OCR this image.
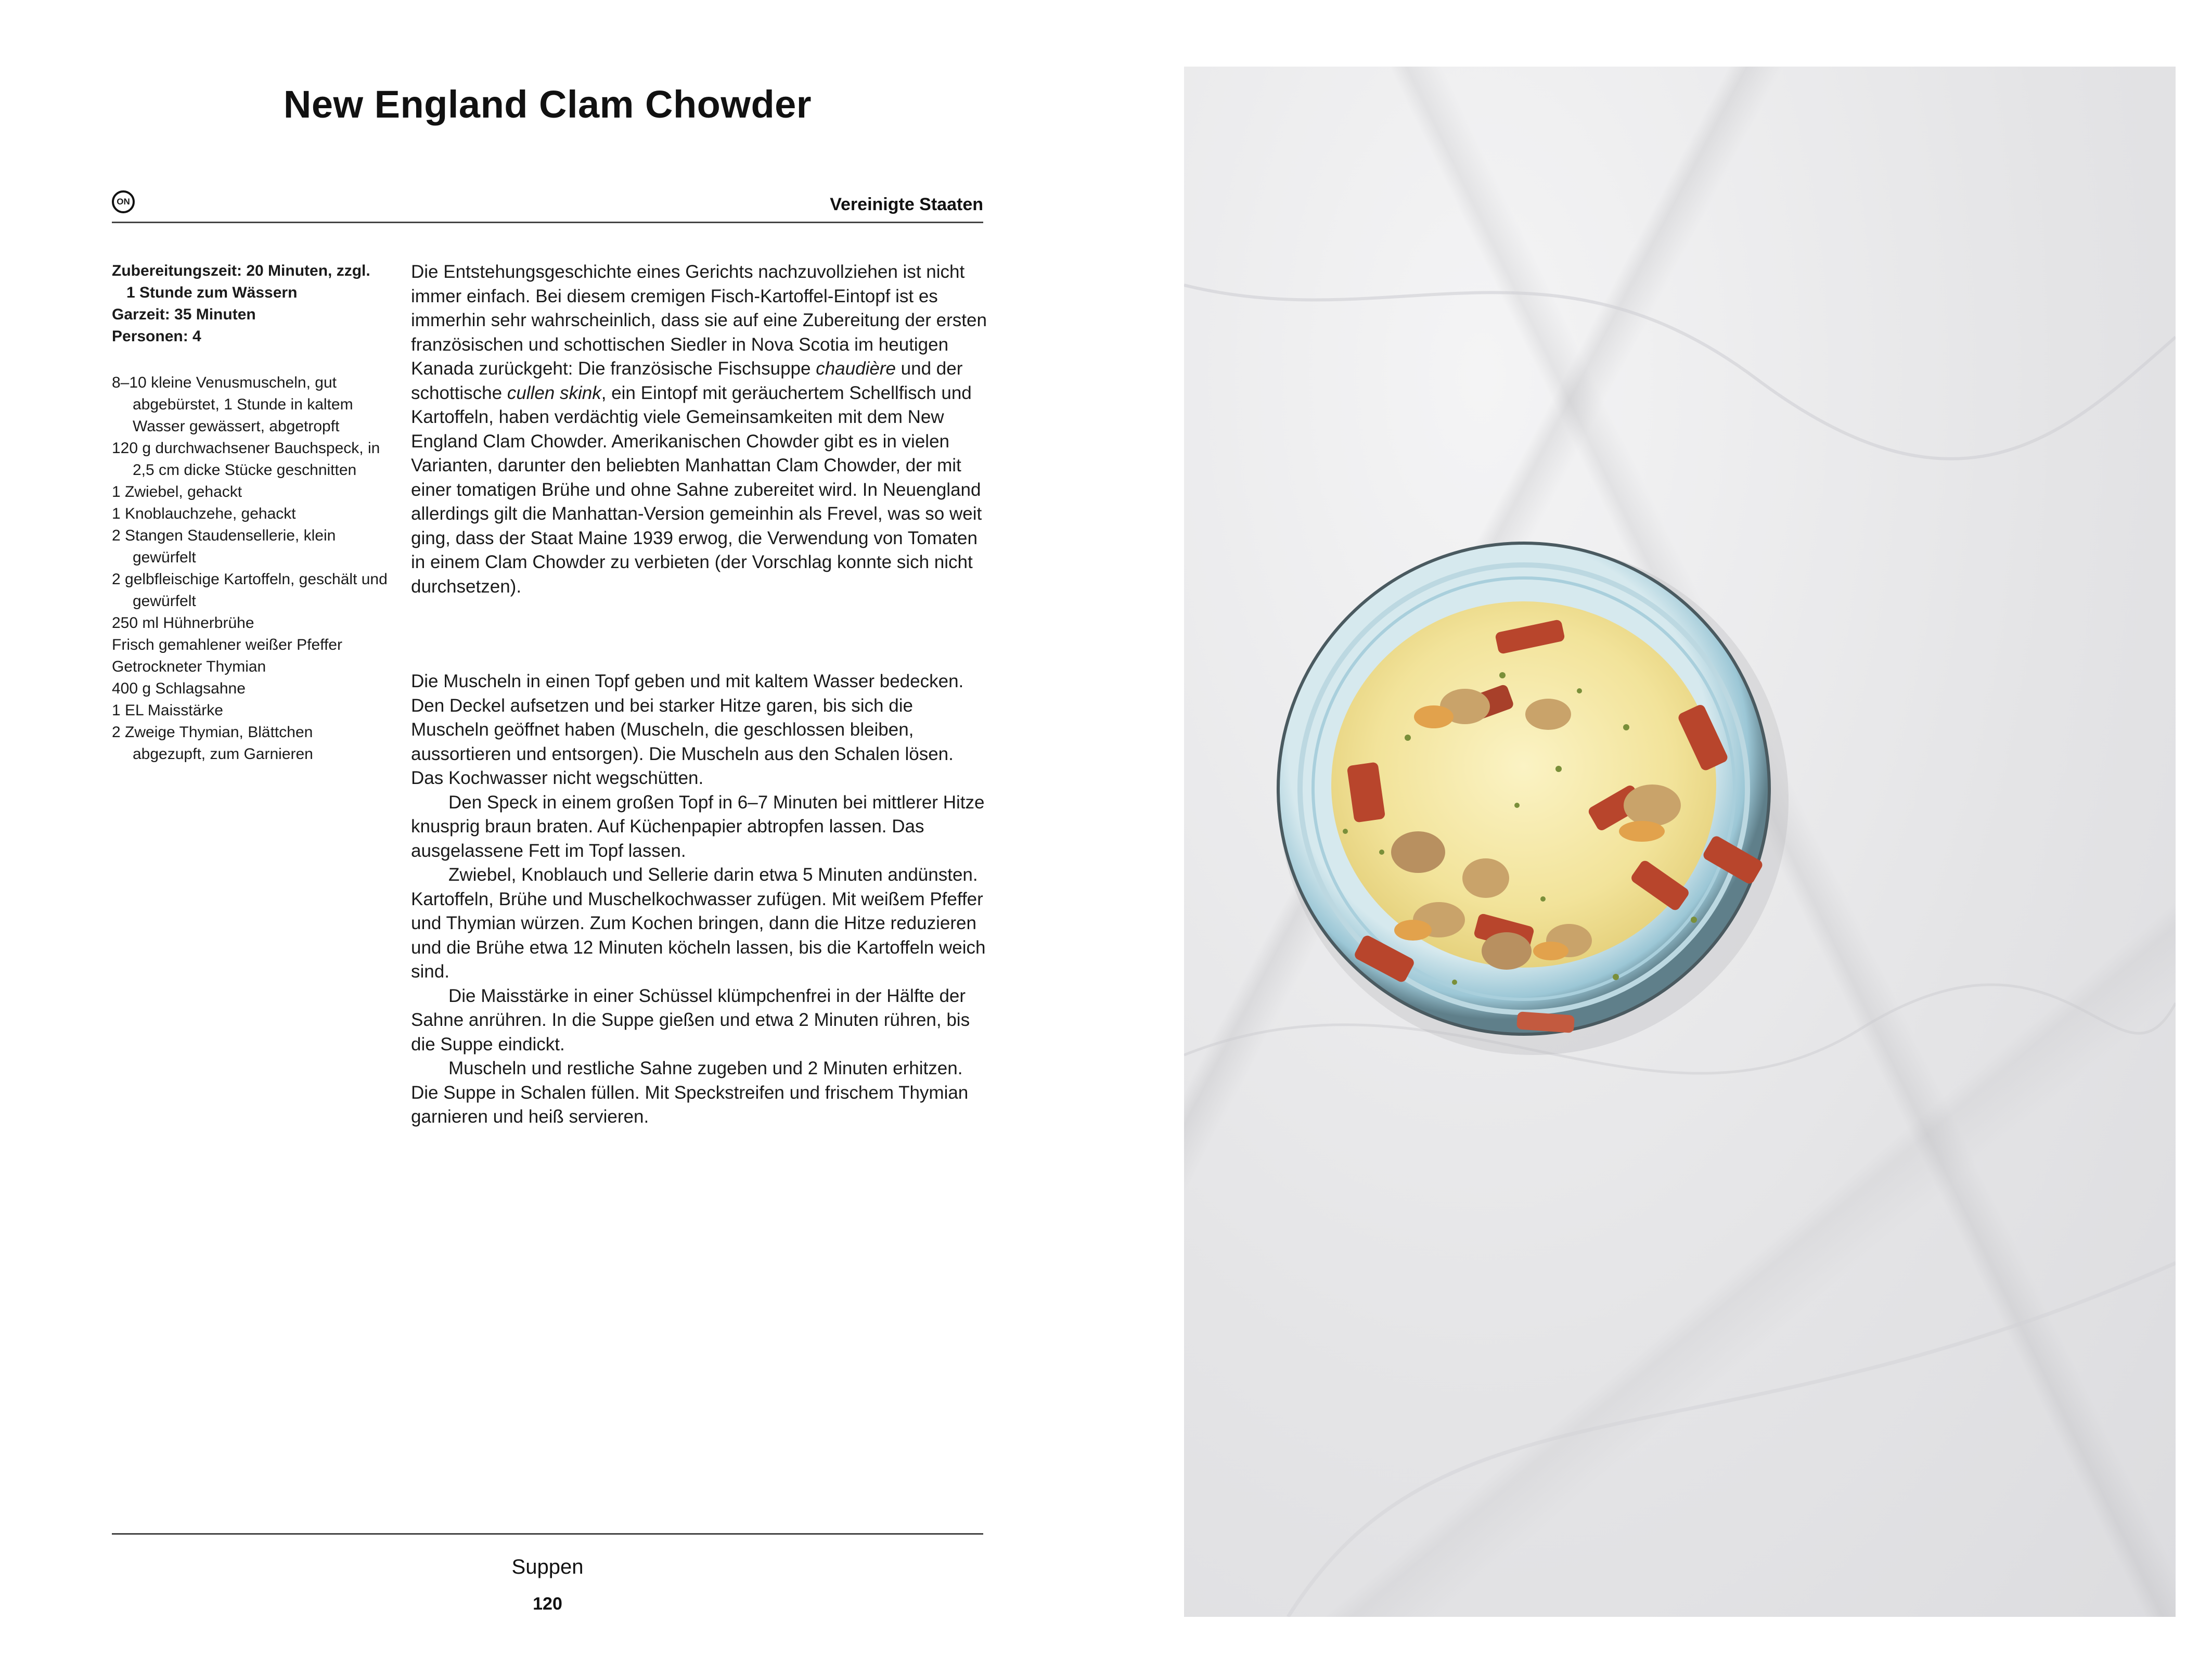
New England Clam Chowder
ON	Vereinigte Staaten
Zubereitungszeit: 20 Minuten, zzgl. 1 Stunde zum Wässern
Garzeit: 35 Minuten
Personen: 4
8–10 kleine Venusmuscheln, gut abgebürstet, 1 Stunde in kaltem Wasser gewässert, abgetropft
120 g durchwachsener Bauchspeck, in 2,5 cm dicke Stücke geschnitten
1 Zwiebel, gehackt
1 Knoblauchzehe, gehackt
2 Stangen Staudensellerie, klein gewürfelt
2 gelbfleischige Kartoffeln, geschält und gewürfelt
250 ml Hühnerbrühe
Frisch gemahlener weißer Pfeffer
Getrockneter Thymian
400 g Schlagsahne
1 EL Maisstärke
2 Zweige Thymian, Blättchen abgezupft, zum Garnieren

Die Entstehungsgeschichte eines Gerichts nachzuvollziehen ist nicht immer einfach. Bei diesem cremigen Fisch-Kartoffel-Eintopf ist es immerhin sehr wahrscheinlich, dass sie auf eine Zubereitung der ersten französischen und schottischen Siedler in Nova Scotia im heutigen Kanada zurückgeht: Die französische Fischsuppe chaudière und der schottische cullen skink, ein Eintopf mit geräuchertem Schellfisch und Kartoffeln, haben verdächtig viele Gemeinsamkeiten mit dem New England Clam Chowder. Amerikanischen Chowder gibt es in vielen Varianten, darunter den beliebten Manhattan Clam Chowder, der mit einer tomatigen Brühe und ohne Sahne zubereitet wird. In Neuengland allerdings gilt die Manhattan-Version gemeinhin als Frevel, was so weit ging, dass der Staat Maine 1939 erwog, die Verwendung von Tomaten in einem Clam Chowder zu verbieten (der Vorschlag konnte sich nicht durchsetzen).

Die Muscheln in einen Topf geben und mit kaltem Wasser bedecken. Den Deckel aufsetzen und bei starker Hitze garen, bis sich die Muscheln geöffnet haben (Muscheln, die geschlossen bleiben, aussortieren und entsorgen). Die Muscheln aus den Schalen lösen. Das Kochwasser nicht wegschütten.

Den Speck in einem großen Topf in 6–7 Minuten bei mittlerer Hitze knusprig braun braten. Auf Küchenpapier abtropfen lassen. Das ausgelassene Fett im Topf lassen.

Zwiebel, Knoblauch und Sellerie darin etwa 5 Minuten andünsten. Kartoffeln, Brühe und Muschelkochwasser zufügen. Mit weißem Pfeffer und Thymian würzen. Zum Kochen bringen, dann die Hitze reduzieren und die Brühe etwa 12 Minuten köcheln lassen, bis die Kartoffeln weich sind.

Die Maisstärke in einer Schüssel klümpchenfrei in der Hälfte der Sahne anrühren. In die Suppe gießen und etwa 2 Minuten rühren, bis die Suppe eindickt.

Muscheln und restliche Sahne zugeben und 2 Minuten erhitzen. Die Suppe in Schalen füllen. Mit Speckstreifen und frischem Thymian garnieren und heiß servieren.

Suppen
120
